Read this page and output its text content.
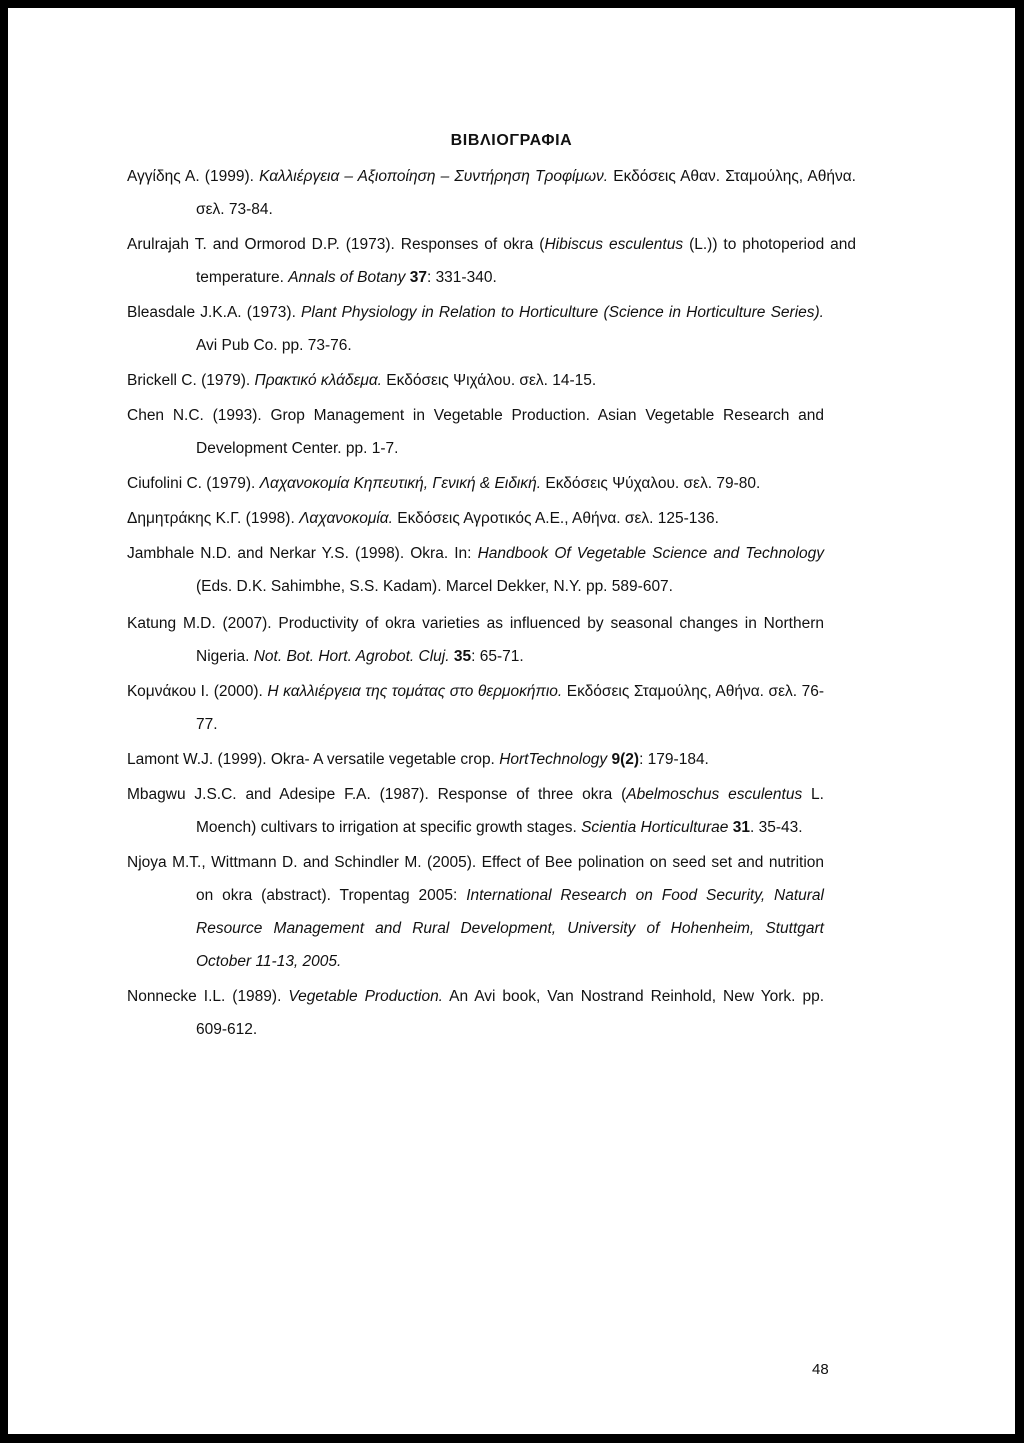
ΒΙΒΛΙΟΓΡΑΦΙΑ
Αγγίδης Α. (1999). Καλλιέργεια – Αξιοποίηση – Συντήρηση Τροφίμων. Εκδόσεις Αθαν. Σταμούλης, Αθήνα. σελ. 73-84.
Arulrajah T. and Ormorod D.P. (1973). Responses of okra (Hibiscus esculentus (L.)) to photoperiod and temperature. Annals of Botany 37: 331-340.
Bleasdale J.K.A. (1973). Plant Physiology in Relation to Horticulture (Science in Horticulture Series). Avi Pub Co. pp. 73-76.
Brickell C. (1979). Πρακτικό κλάδεμα. Εκδόσεις Ψιχάλου. σελ. 14-15.
Chen N.C. (1993). Grop Management in Vegetable Production. Asian Vegetable Research and Development Center. pp. 1-7.
Ciufolini C. (1979). Λαχανοκομία Κηπευτική, Γενική & Ειδική. Εκδόσεις Ψύχαλου. σελ. 79-80.
Δημητράκης Κ.Γ. (1998). Λαχανοκομία. Εκδόσεις Αγροτικός Α.Ε., Αθήνα. σελ. 125-136.
Jambhale N.D. and Nerkar Y.S. (1998). Okra. In: Handbook Of Vegetable Science and Technology (Eds. D.K. Sahimbhe, S.S. Kadam). Marcel Dekker, N.Y. pp. 589-607.
Katung M.D. (2007). Productivity of okra varieties as influenced by seasonal changes in Northern Nigeria. Not. Bot. Hort. Agrobot. Cluj. 35: 65-71.
Κομνάκου Ι. (2000). Η καλλιέργεια της τομάτας στο θερμοκήπιο. Εκδόσεις Σταμούλης, Αθήνα. σελ. 76-77.
Lamont W.J. (1999). Okra- A versatile vegetable crop. HortTechnology 9(2): 179-184.
Mbagwu J.S.C. and Adesipe F.A. (1987). Response of three okra (Abelmoschus esculentus L. Moench) cultivars to irrigation at specific growth stages. Scientia Horticulturae 31. 35-43.
Njoya M.T., Wittmann D. and Schindler M. (2005). Effect of Bee polination on seed set and nutrition on okra (abstract). Tropentag 2005: International Research on Food Security, Natural Resource Management and Rural Development, University of Hohenheim, Stuttgart October 11-13, 2005.
Nonnecke I.L. (1989). Vegetable Production. An Avi book, Van Nostrand Reinhold, New York. pp. 609-612.
48
